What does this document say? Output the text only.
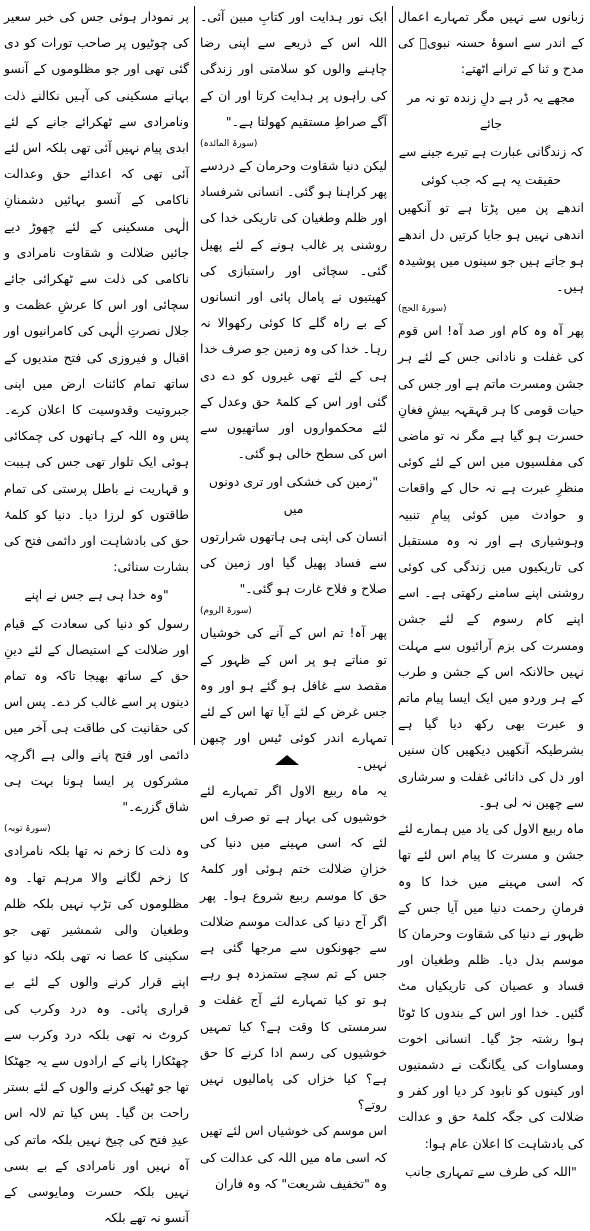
زبانوں سے نہیں مگر تمہارے اعمال کے اندر سے اسوۂ حسنہ نبویؐ کی مدح و ثنا کے ترانے اٹھتے:

مجھے یہ ڈر ہے دلِ زندہ تو نہ مر جائے

کہ زندگانی عبارت ہے تیرے جینے سے

حقیقت یہ ہے کہ جب کوئی

اندھے پن میں پڑتا ہے تو آنکھیں اندھی نہیں ہو جایا کرتیں دل اندھے ہو جاتے ہیں جو سینوں میں پوشیدہ ہیں۔

(سورۃ الحج)

پھر آہ وہ کام اور صد آہ! اس قوم کی غفلت و نادانی جس کے لئے ہر جشن ومسرت ماتم ہے اور جس کی حیات قومی کا ہر قہقہہ بیشِ فغانِ حسرت ہو گیا ہے مگر نہ تو ماضی کی مفلسیوں میں اس کے لئے کوئی منظرِ عبرت ہے نہ حال کے واقعات و حوادث میں کوئی پیامِ تنبیہ وہوشیاری ہے اور نہ وہ مستقبل کی تاریکیوں میں زندگی کی کوئی روشنی اپنے سامنے رکھتی ہے۔ اسے اپنے کام رسوم کے لئے جشن ومسرت کی بزم آرائیوں سے مہلت نہیں حالانکہ اس کے جشن و طرب کے ہر وردو میں ایک ایسا پیام ماتم و عبرت بھی رکھ دیا گیا ہے بشرطیکہ آنکھیں دیکھیں کان سنیں اور دل کی دانائی غفلت و سرشاری سے چھین نہ لی ہو۔

ماہ ربیع الاول کی یاد میں ہمارے لئے جشن و مسرت کا پیام اس لئے تھا کہ اسی مہینے میں خدا کا وہ فرمانِ رحمت دنیا میں آیا جس کے ظہور نے دنیا کی شقاوت وحرمان کا موسم بدل دیا۔ ظلم وطغیان اور فساد و عصیان کی تاریکیاں مٹ گئیں۔ خدا اور اس کے بندوں کا ٹوٹا ہوا رشتہ جڑ گیا۔ انسانی اخوت ومساوات کی یگانگت نے دشمنیوں اور کینوں کو نابود کر دیا اور کفر و ضلالت کی جگہ کلمۂ حق و عدالت کی بادشاہت کا اعلان عام ہوا:

"اللہ کی طرف سے تمہاری جانب

ایک نور ہدایت اور کتابِ مبین آئی۔ اللہ اس کے ذریعے سے اپنی رضا چاہنے والوں کو سلامتی اور زندگی کی راہوں پر ہدایت کرتا اور ان کے آگے صراطِ مستقیم کھولتا ہے۔"

(سورۃ المائدہ)

لیکن دنیا شقاوت وحرمان کے دردسے پھر کراہنا ہو گئی۔ انسانی شرفساد اور ظلم وطغیان کی تاریکی خدا کی روشنی پر غالب ہونے کے لئے پھیل گئی۔ سچائی اور راستبازی کی کھیتیوں نے پامال پائی اور انسانوں کے بے راہ گلے کا کوئی رکھوالا نہ رہا۔ خدا کی وہ زمین جو صرف خدا ہی کے لئے تھی غیروں کو دے دی گئی اور اس کے کلمۂ حق وعدل کے لئے محکمواروں اور ساتھیوں سے اس کی سطح خالی ہو گئی۔

"زمین کی خشکی اور تری دونوں میں

انسان کی اپنی ہی ہاتھوں شرارتوں سے فساد پھیل گیا اور زمین کی صلاح و فلاح غارت ہو گئی۔"

(سورۃ الروم)

پھر آہ! تم اس کے آنے کی خوشیاں تو مناتے ہو پر اس کے ظہور کے مقصد سے غافل ہو گئے ہو اور وہ جس غرض کے لئے آیا تھا اس کے لئے تمہارے اندر کوئی ٹیس اور چبھن نہیں۔

یہ ماہ ربیع الاول اگر تمہارے لئے خوشیوں کی بہار ہے تو صرف اس لئے کہ اسی مہینے میں دنیا کی خزانِ ضلالت ختم ہوئی اور کلمۂ حق کا موسم ربیع شروع ہوا۔ پھر اگر آج دنیا کی عدالت موسم ضلالت سے جھونکوں سے مرجھا گئی ہے جس کے تم سچے ستمزدہ ہو رہے ہو تو کیا تمہارے لئے آج غفلت و سرمستی کا وقت ہے؟ کیا تمہیں خوشیوں کی رسم ادا کرنے کا حق ہے؟ کیا خزاں کی پامالیوں نہیں روتے؟

اس موسم کی خوشیاں اس لئے تھیں کہ اسی ماہ میں اللہ کی عدالت کی وہ "تخفیف شریعت" کہ وہ فاران

پر نمودار ہوئی جس کی خبر سعیر کی چوٹیوں پر صاحب تورات کو دی گئی تھی اور جو مظلوموں کے آنسو بہانے مسکینی کی آہیں نکالنے ذلت ونامرادی سے ٹھکرائے جانے کے لئے ابدی پیام نہیں آئی تھی بلکہ اس لئے آئی تھی کہ اعدائے حق وعدالت ناکامی کے آنسو بہائیں دشمنانِ الٰہی مسکینی کے لئے چھوڑ دیے جائیں ضلالت و شقاوت نامرادی و ناکامی کی ذلت سے ٹھکرائی جائے سچائی اور اس کا عرشِ عظمت و جلال نصرتِ الٰہی کی کامرانیوں اور اقبال و فیروزی کی فتح مندیوں کے ساتھ تمام کائنات ارض میں اپنی جبروتیت وقدوسیت کا اعلان کرے۔ پس وہ اللہ کے ہاتھوں کی چمکائی ہوئی ایک تلوار تھی جس کی ہیبت و قہاریت نے باطل پرستی کی تمام طاقتوں کو لرزا دیا۔ دنیا کو کلمۂ حق کی بادشاہت اور دائمی فتح کی بشارت سنائی:

"وہ خدا ہی ہے جس نے اپنے

رسول کو دنیا کی سعادت کے قیام اور ضلالت کے استیصال کے لئے دینِ حق کے ساتھ بھیجا تاکہ وہ تمام دینوں پر اسے غالب کر دے۔ پس اس کی حقانیت کی طاقت ہی آخر میں دائمی اور فتح پانے والی ہے اگرچہ مشرکوں پر ایسا ہونا بہت ہی شاق گزرے۔"

(سورۃ توبہ)

وہ ذلت کا زخم نہ تھا بلکہ نامرادی کا زخم لگانے والا مرہم تھا۔ وہ مظلوموں کی تڑپ نہیں بلکہ ظلم وطغیان والی شمشیر تھی جو سکینی کا عصا نہ تھی بلکہ دنیا کو اپنے قرار کرنے والوں کے لئے بے قراری پائی۔ وہ درد وکرب کی کروٹ نہ تھی بلکہ درد وکرب سے چھٹکارا پانے کے ارادوں سے یہ جھٹکا تھا جو ٹھیک کرنے والوں کے لئے بستر راحت بن گیا۔ پس کیا تم لالہ اس عیدِ فتح کی چیخ نہیں بلکہ ماتم کی آہ نہیں اور نامرادی کے بے بسی نہیں بلکہ حسرت ومایوسی کے آنسو نہ تھے بلکہ
